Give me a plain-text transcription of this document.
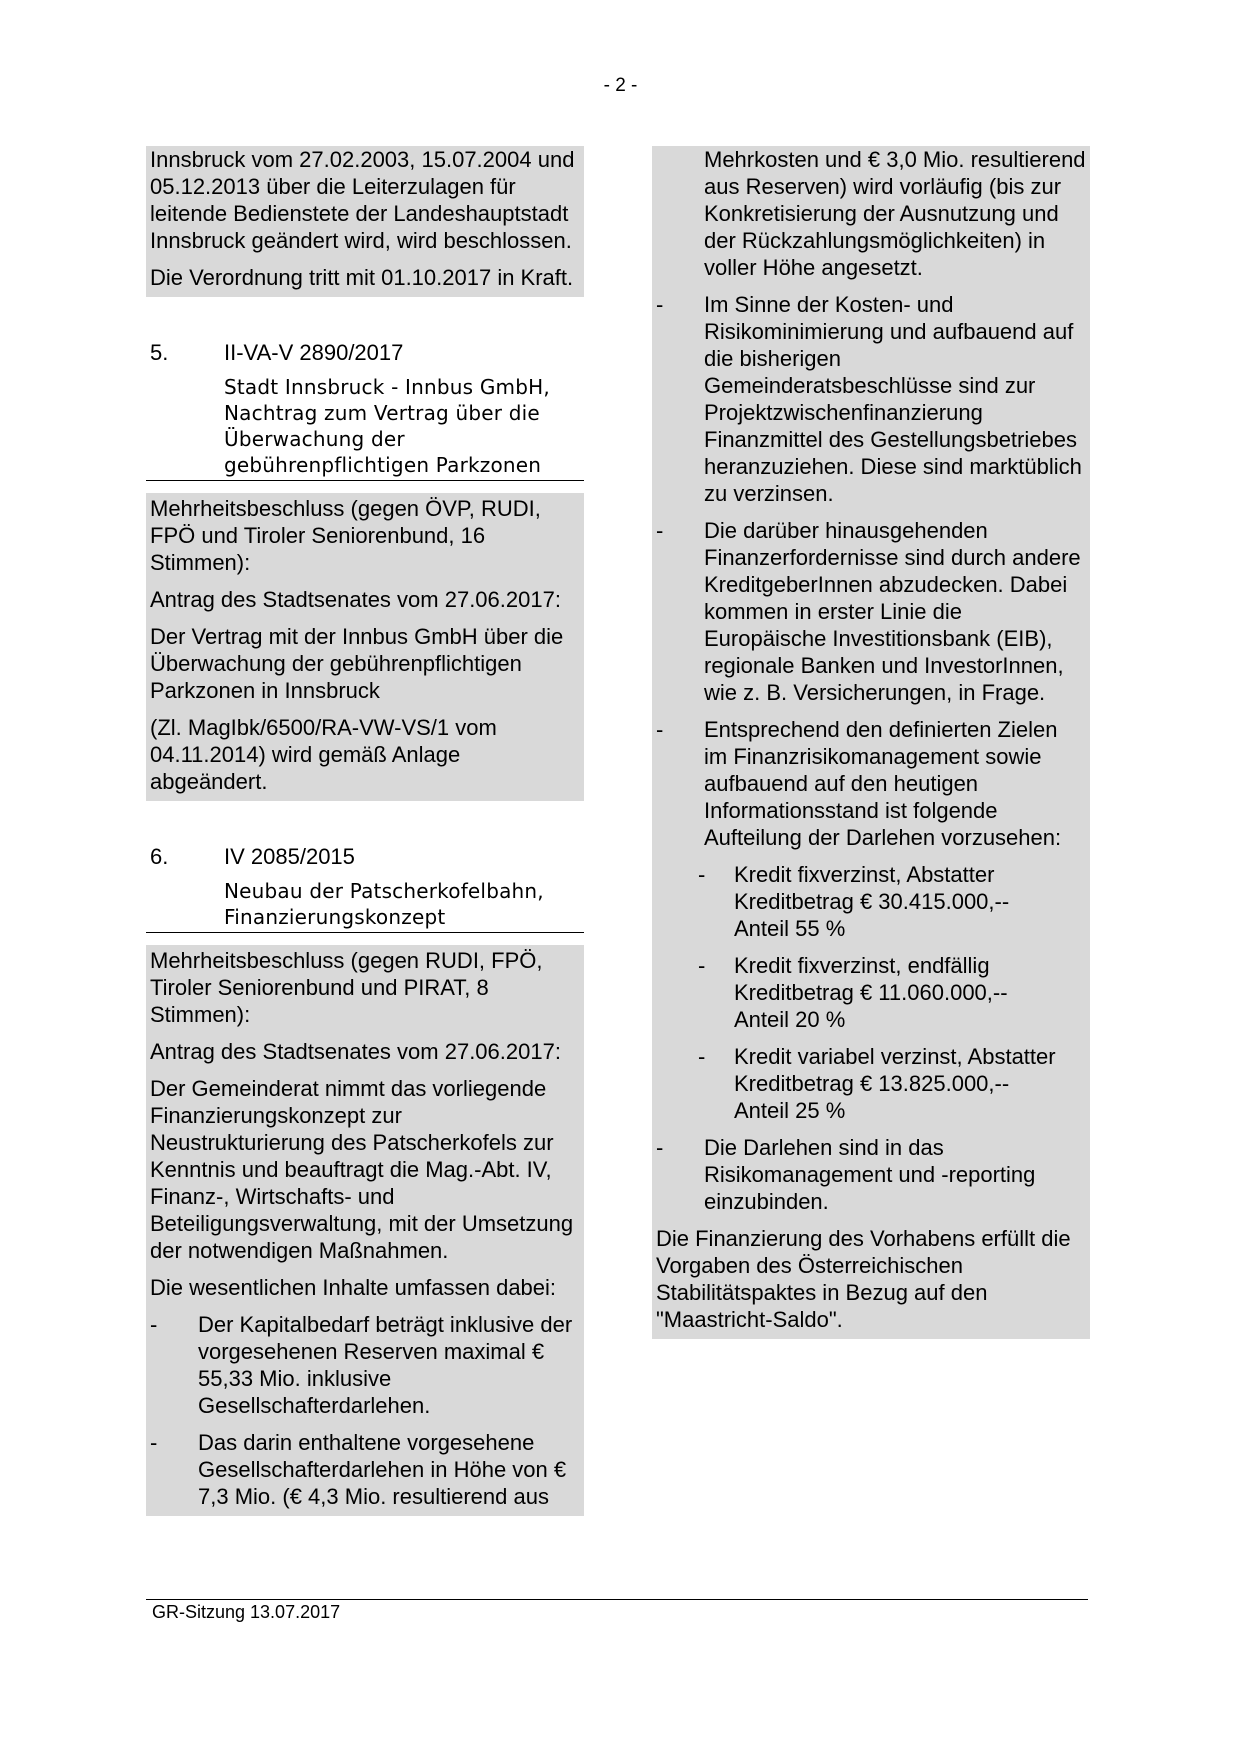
- 2 -

Innsbruck vom 27.02.2003, 15.07.2004 und 05.12.2013 über die Leiterzulagen für leitende Bedienstete der Landeshauptstadt Innsbruck geändert wird, wird beschlossen.

Die Verordnung tritt mit 01.10.2017 in Kraft.

5.	II-VA-V 2890/2017
Stadt Innsbruck - Innbus GmbH, Nachtrag zum Vertrag über die Überwachung der gebührenpflichtigen Parkzonen

Mehrheitsbeschluss (gegen ÖVP, RUDI, FPÖ und Tiroler Seniorenbund, 16 Stimmen):

Antrag des Stadtsenates vom 27.06.2017:

Der Vertrag mit der Innbus GmbH über die Überwachung der gebührenpflichtigen Parkzonen in Innsbruck

(Zl. MagIbk/6500/RA-VW-VS/1 vom 04.11.2014) wird gemäß Anlage abgeändert.

6.	IV 2085/2015
Neubau der Patscherkofelbahn, Finanzierungskonzept

Mehrheitsbeschluss (gegen RUDI, FPÖ, Tiroler Seniorenbund und PIRAT, 8 Stimmen):

Antrag des Stadtsenates vom 27.06.2017:

Der Gemeinderat nimmt das vorliegende Finanzierungskonzept zur Neustrukturierung des Patscherkofels zur Kenntnis und beauftragt die Mag.-Abt. IV, Finanz-, Wirtschafts- und Beteiligungsverwaltung, mit der Umsetzung der notwendigen Maßnahmen.

Die wesentlichen Inhalte umfassen dabei:

-	Der Kapitalbedarf beträgt inklusive der vorgesehenen Reserven maximal € 55,33 Mio. inklusive Gesellschafterdarlehen.
-	Das darin enthaltene vorgesehene Gesellschafterdarlehen in Höhe von € 7,3 Mio. (€ 4,3 Mio. resultierend aus

Mehrkosten und € 3,0 Mio. resultierend aus Reserven) wird vorläufig (bis zur Konkretisierung der Ausnutzung und der Rückzahlungsmöglichkeiten) in voller Höhe angesetzt.

-	Im Sinne der Kosten- und Risikominimierung und aufbauend auf die bisherigen Gemeinderatsbeschlüsse sind zur Projektzwischenfinanzierung Finanzmittel des Gestellungsbetriebes heranzuziehen. Diese sind marktüblich zu verzinsen.
-	Die darüber hinausgehenden Finanzerfordernisse sind durch andere KreditgeberInnen abzudecken. Dabei kommen in erster Linie die Europäische Investitionsbank (EIB), regionale Banken und InvestorInnen, wie z. B. Versicherungen, in Frage.
-	Entsprechend den definierten Zielen im Finanzrisikomanagement sowie aufbauend auf den heutigen Informationsstand ist folgende Aufteilung der Darlehen vorzusehen:
-	Kredit fixverzinst, Abstatter
Kreditbetrag € 30.415.000,--
Anteil 55 %
-	Kredit fixverzinst, endfällig
Kreditbetrag € 11.060.000,--
Anteil 20 %
-	Kredit variabel verzinst, Abstatter
Kreditbetrag € 13.825.000,--
Anteil 25 %
-	Die Darlehen sind in das Risikomanagement und -reporting einzubinden.

Die Finanzierung des Vorhabens erfüllt die Vorgaben des Österreichischen Stabilitätspaktes in Bezug auf den "Maastricht-Saldo".

GR-Sitzung 13.07.2017
